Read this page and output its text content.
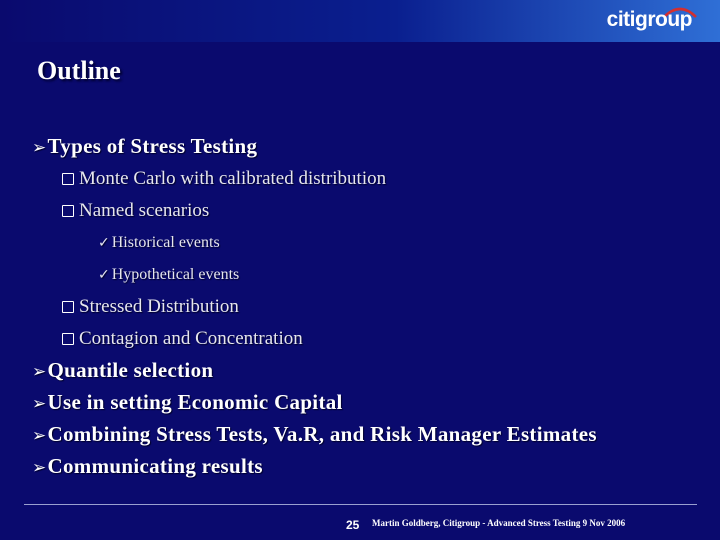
citigroup
Outline
➢Types of Stress Testing
Monte Carlo with calibrated distribution
Named scenarios
✓ Historical events
✓ Hypothetical events
Stressed Distribution
Contagion and Concentration
➢Quantile selection
➢Use in setting Economic Capital
➢Combining Stress Tests, Va.R, and Risk Manager Estimates
➢Communicating results
25 Martin Goldberg, Citigroup - Advanced Stress Testing 9 Nov 2006
